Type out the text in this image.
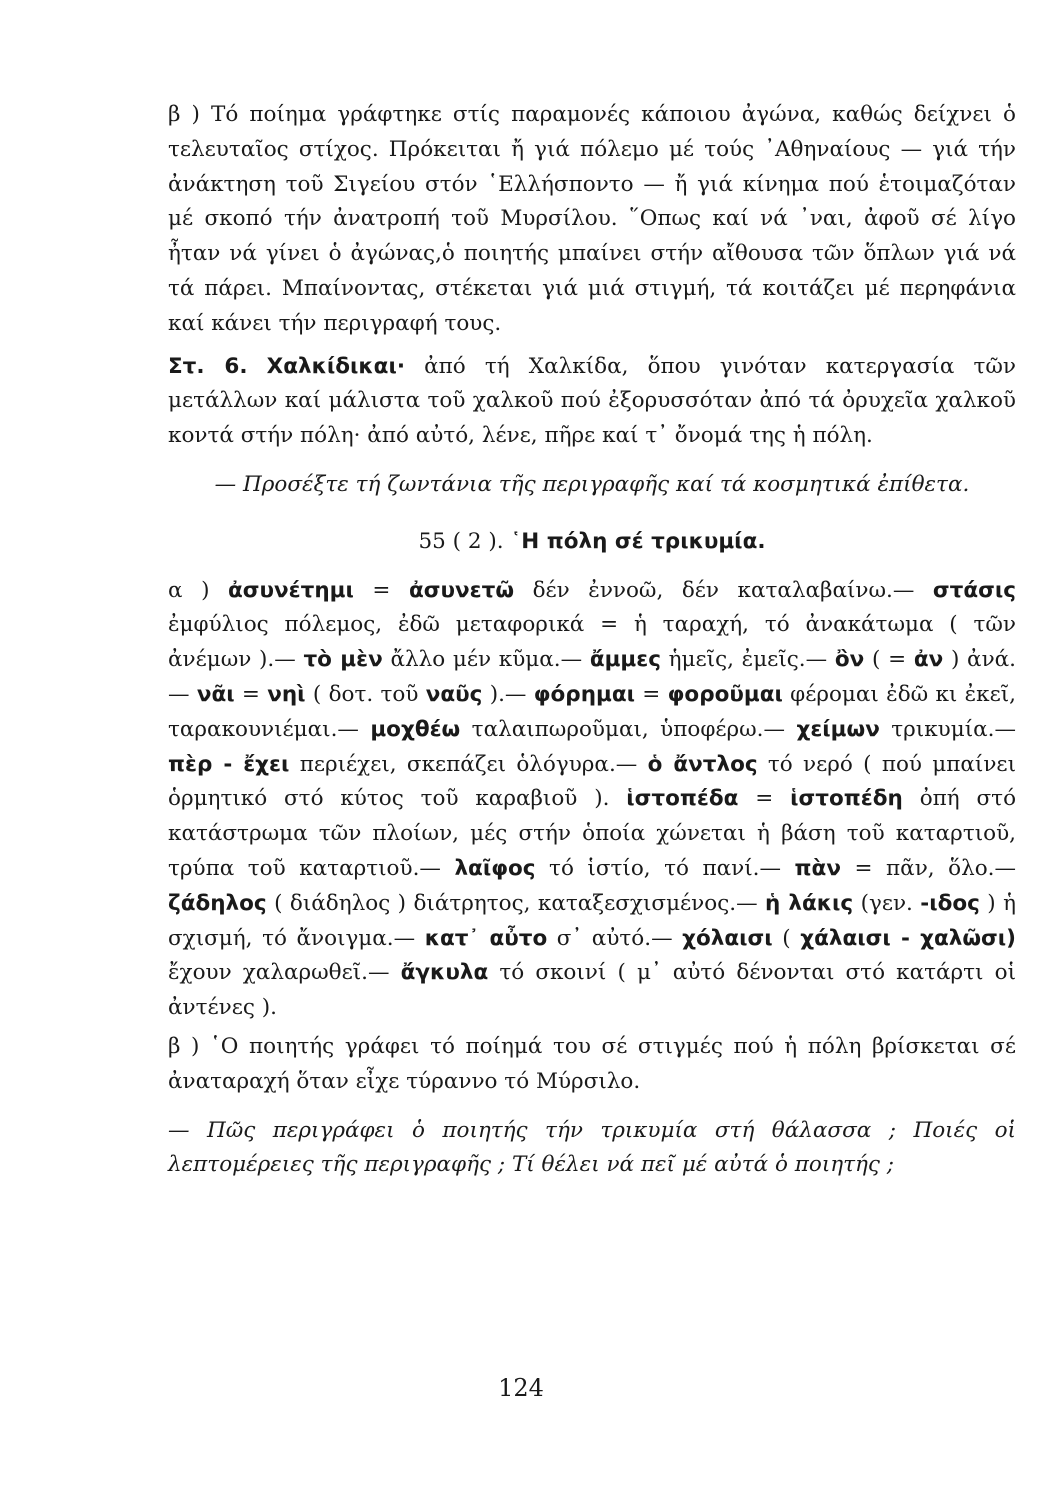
β ) Τό ποίημα γράφτηκε στίς παραμονές κάποιου ἀγώνα, καθώς δείχνει ὁ τελευταῖος στίχος. Πρόκειται ἤ γιά πόλεμο μέ τούς ᾿Αθηναίους — γιά τήν ἀνάκτηση τοῦ Σιγείου στόν ῾Ελλήσποντο — ἤ γιά κίνημα πού ἑτοιμαζόταν μέ σκοπό τήν ἀνατροπή τοῦ Μυρσίλου. ῞Οπως καί νά ᾿ναι, ἀφοῦ σέ λίγο ἦταν νά γίνει ὁ ἀγώνας,ὁ ποιητής μπαίνει στήν αἴθουσα τῶν ὅπλων γιά νά τά πάρει. Μπαίνοντας, στέκεται γιά μιά στιγμή, τά κοιτάζει μέ περηφάνια καί κάνει τήν περιγραφή τους.

Στ. 6. Χαλκίδικαι· ἀπό τή Χαλκίδα, ὅπου γινόταν κατεργασία τῶν μετάλλων καί μάλιστα τοῦ χαλκοῦ πού ἐξορυσσόταν ἀπό τά ὀρυχεῖα χαλκοῦ κοντά στήν πόλη· ἀπό αὐτό, λένε, πῆρε καί τ᾿ ὄνομά της ἡ πόλη.

— Προσέξτε τή ζωντάνια τῆς περιγραφῆς καί τά κοσμητικά ἐπίθετα.

55 ( 2 ). ῾Η πόλη σέ τρικυμία.

α ) ἀσυνέτημι = ἀσυνετῶ δέν ἐννοῶ, δέν καταλαβαίνω.— στάσις ἐμφύλιος πόλεμος, ἐδῶ μεταφορικά = ἡ ταραχή, τό ἀνακάτωμα ( τῶν ἀνέμων ).— τὸ μὲν ἄλλο μέν κῦμα.— ἄμμες ἡμεῖς, ἐμεῖς.— ὂν ( = ἀν ) ἀνά.— νᾶι = νηὶ ( δοτ. τοῦ ναῦς ).— φόρημαι = φοροῦμαι φέρομαι ἐδῶ κι ἐκεῖ, ταρακουνιέμαι.— μοχθέω ταλαιπωροῦμαι, ὑποφέρω.— χείμων τρικυμία.— πὲρ - ἔχει περιέχει, σκεπάζει ὁλόγυρα.— ὁ ἄντλος τό νερό ( πού μπαίνει ὁρμητικό στό κύτος τοῦ καραβιοῦ ). ἱστοπέδα = ἱστοπέδη ὀπή στό κατάστρωμα τῶν πλοίων, μές στήν ὁποία χώνεται ἡ βάση τοῦ καταρτιοῦ, τρύπα τοῦ καταρτιοῦ.— λαῖφος τό ἱστίο, τό πανί.— πὰν = πᾶν, ὅλο.— ζάδηλος ( διάδηλος ) διάτρητος, καταξεσχισμένος.— ἡ λάκις (γεν. -ιδος ) ἡ σχισμή, τό ἄνοιγμα.— κατ᾿ αὖτο σ᾿ αὐτό.— χόλαισι ( χάλαισι - χαλῶσι) ἔχουν χαλαρωθεῖ.— ἄγκυλα τό σκοινί ( μ᾿ αὐτό δένονται στό κατάρτι οἱ ἀντένες ).

β ) ῾Ο ποιητής γράφει τό ποίημά του σέ στιγμές πού ἡ πόλη βρίσκεται σέ ἀναταραχή ὅταν εἶχε τύραννο τό Μύρσιλο.

— Πῶς περιγράφει ὁ ποιητής τήν τρικυμία στή θάλασσα ; Ποιές οἱ λεπτομέρειες τῆς περιγραφῆς ; Τί θέλει νά πεῖ μέ αὐτά ὁ ποιητής ;

124
